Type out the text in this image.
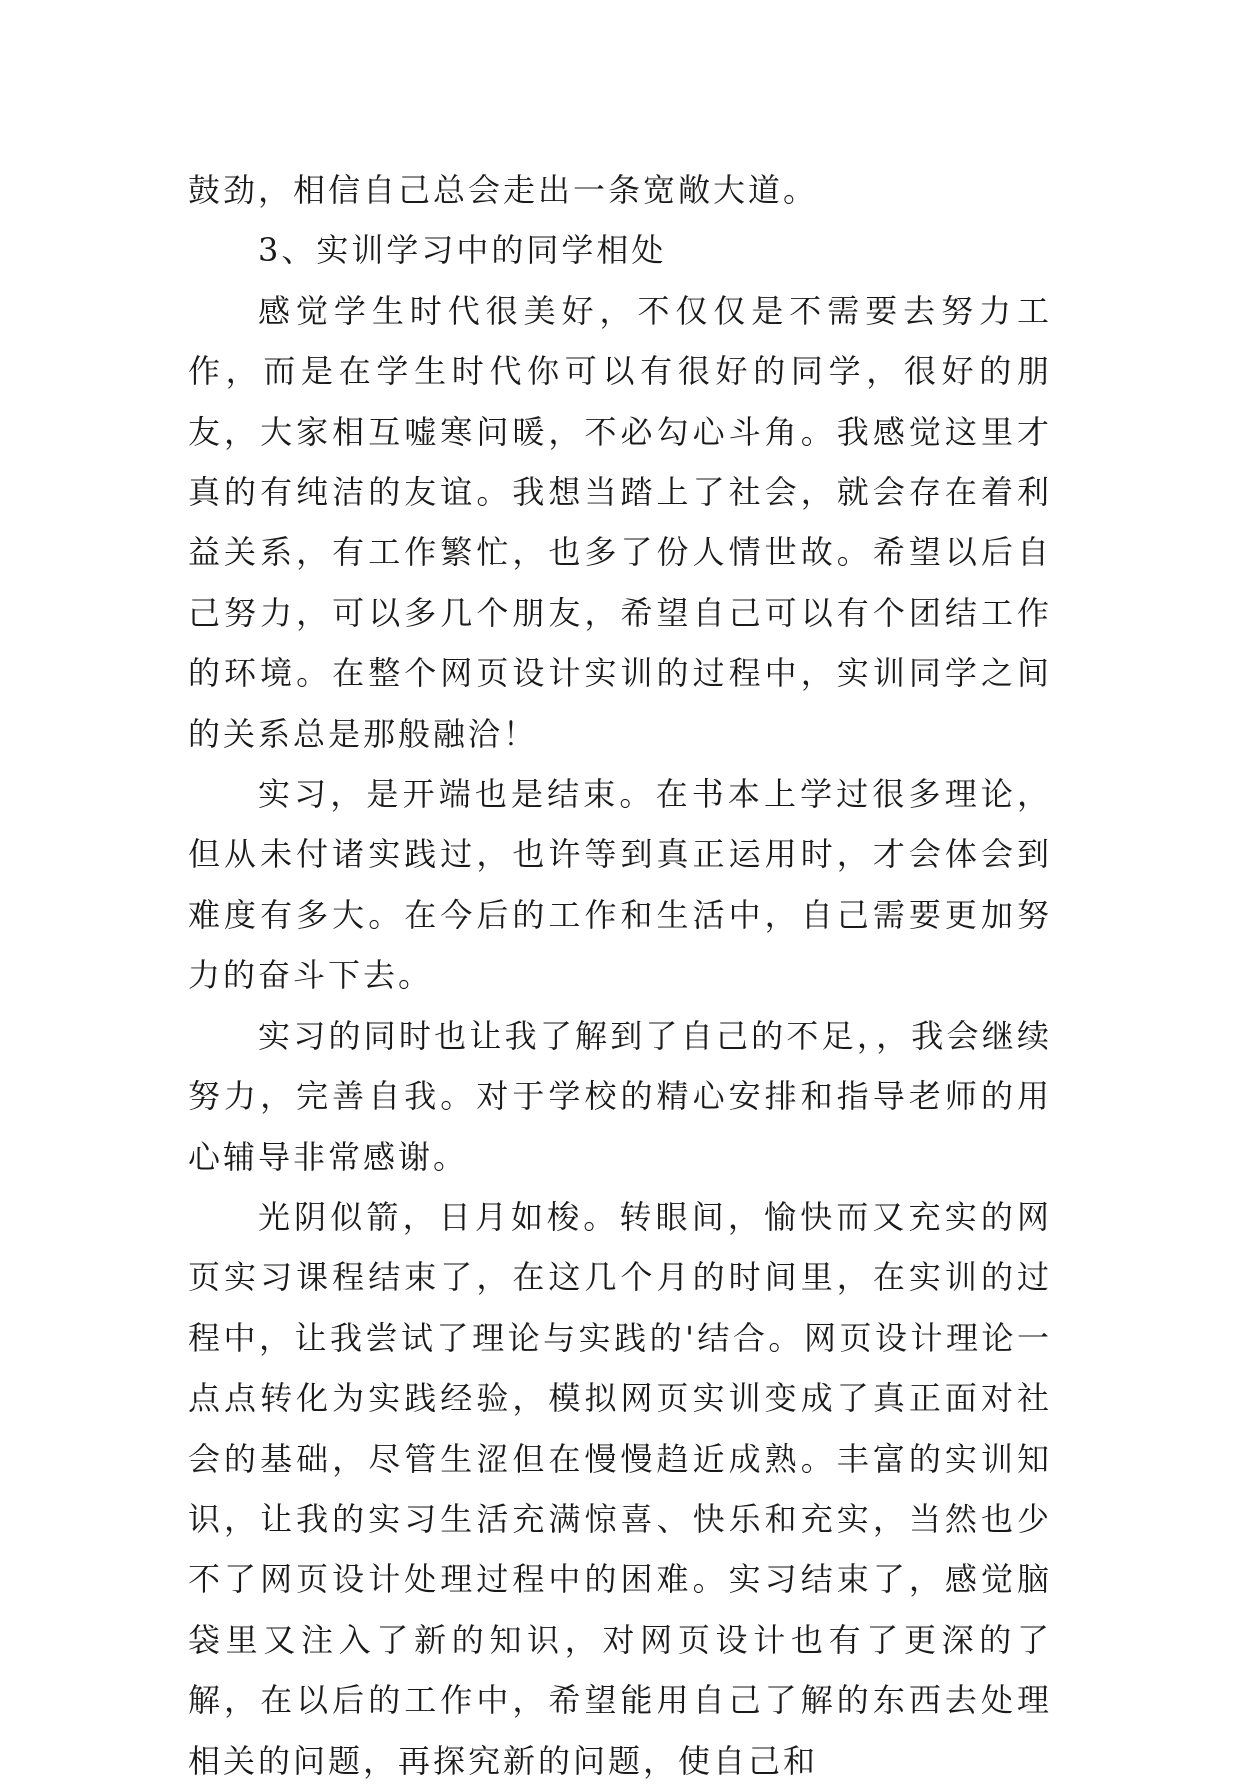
鼓劲，相信自己总会走出一条宽敞大道。

3、实训学习中的同学相处

感觉学生时代很美好，不仅仅是不需要去努力工作，而是在学生时代你可以有很好的同学，很好的朋友，大家相互嘘寒问暖，不必勾心斗角。我感觉这里才真的有纯洁的友谊。我想当踏上了社会，就会存在着利益关系，有工作繁忙，也多了份人情世故。希望以后自己努力，可以多几个朋友，希望自己可以有个团结工作的环境。在整个网页设计实训的过程中，实训同学之间的关系总是那般融洽！

实习，是开端也是结束。在书本上学过很多理论，但从未付诸实践过，也许等到真正运用时，才会体会到难度有多大。在今后的工作和生活中，自己需要更加努力的奋斗下去。

实习的同时也让我了解到了自己的不足，，我会继续努力，完善自我。对于学校的精心安排和指导老师的用心辅导非常感谢。

光阴似箭，日月如梭。转眼间，愉快而又充实的网页实习课程结束了，在这几个月的时间里，在实训的过程中，让我尝试了理论与实践的'结合。网页设计理论一点点转化为实践经验，模拟网页实训变成了真正面对社会的基础，尽管生涩但在慢慢趋近成熟。丰富的实训知识，让我的实习生活充满惊喜、快乐和充实，当然也少不了网页设计处理过程中的困难。实习结束了，感觉脑袋里又注入了新的知识，对网页设计也有了更深的了解，在以后的工作中，希望能用自己了解的东西去处理相关的问题，再探究新的问题，使自己和
